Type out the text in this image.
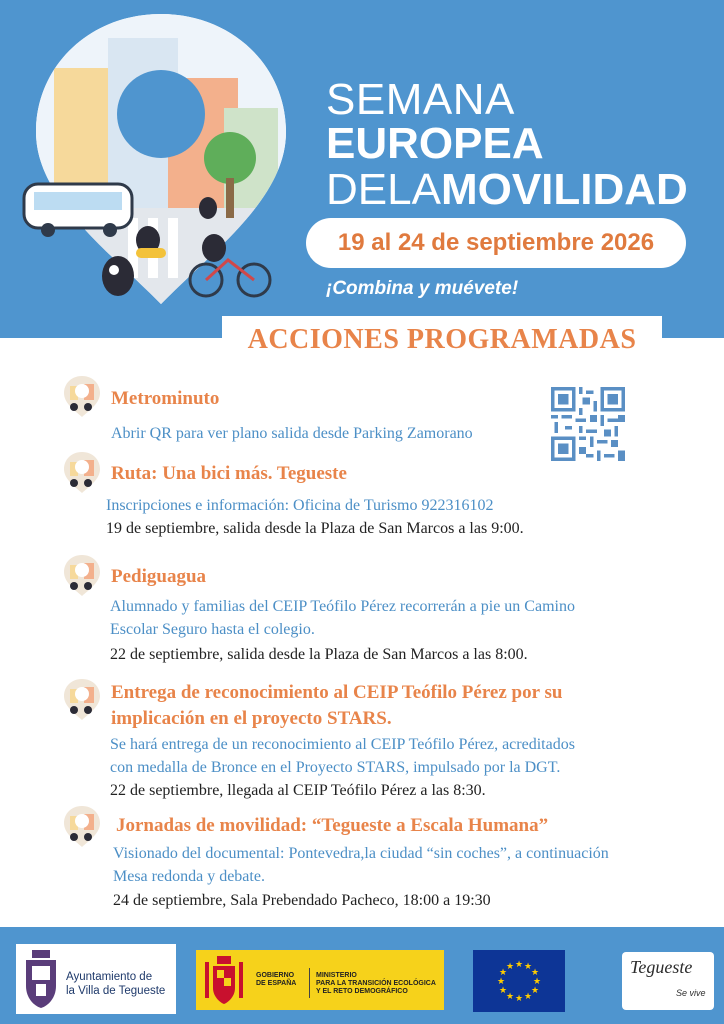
SEMANA
EUROPEA
DELAMOVILIDAD
19 al 24 de septiembre 2026
¡Combina y muévete!
ACCIONES PROGRAMADAS
Metrominuto
Abrir QR para ver plano salida desde Parking Zamorano
Ruta: Una bici más. Tegueste
Inscripciones e información: Oficina de Turismo 922316102
19 de septiembre, salida desde la Plaza de San Marcos a las 9:00.
Pediguagua
Alumnado y familias del CEIP Teófilo Pérez recorrerán a pie un Camino
Escolar Seguro hasta el colegio.
22 de septiembre, salida desde la Plaza de San Marcos a las 8:00.
Entrega de reconocimiento al CEIP Teófilo Pérez por su
implicación en el proyecto STARS.
Se hará entrega de un reconocimiento al CEIP Teófilo Pérez, acreditados
con medalla de Bronce en el Proyecto STARS, impulsado por la DGT.
22 de septiembre, llegada al CEIP Teófilo Pérez a las 8:30.
Jornadas de movilidad: “Tegueste a Escala Humana”
Visionado del documental: Pontevedra,la ciudad “sin coches”, a continuación
Mesa redonda y debate.
24 de septiembre, Sala Prebendado Pacheco, 18:00 a 19:30
Ayuntamiento de
la Villa de Tegueste
GOBIERNO
DE ESPAÑA
MINISTERIO
PARA LA TRANSICIÓN ECOLÓGICA
Y EL RETO DEMOGRÁFICO
★ ★
★
★
★
★
★
★
★
★
★
★	Tegueste
Se vive
